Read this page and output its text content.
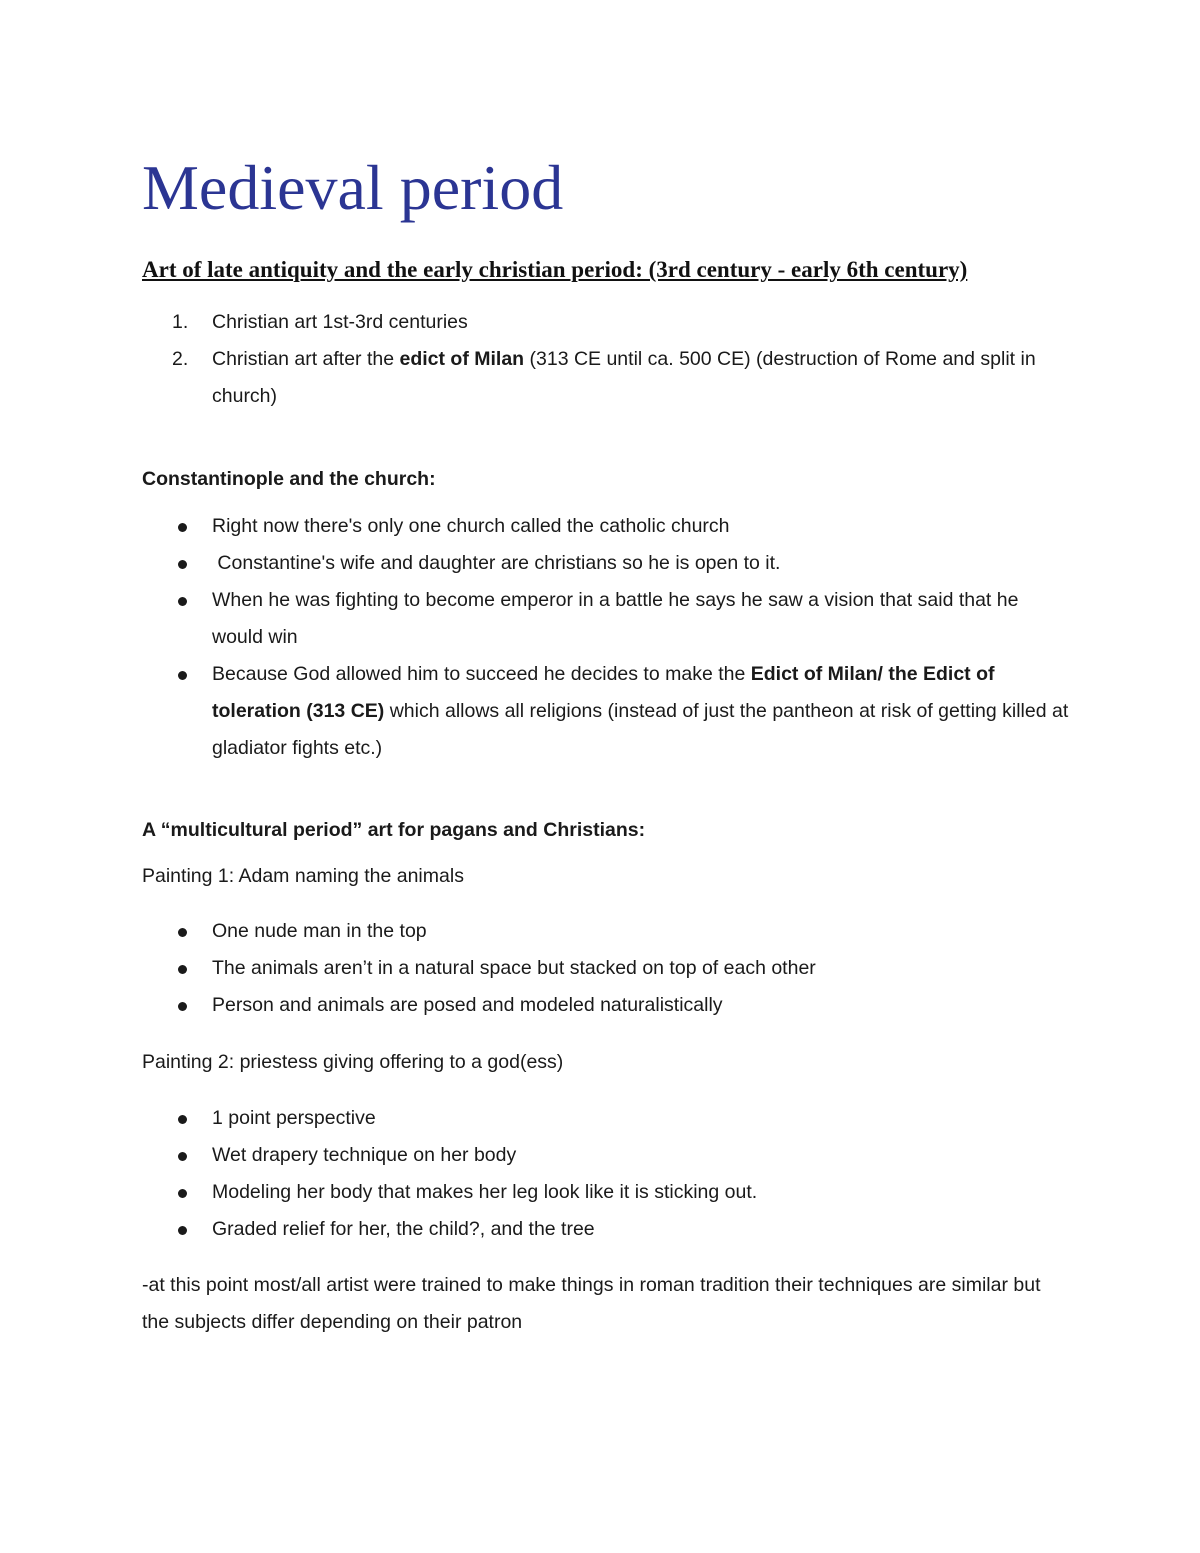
Medieval period
Art of late antiquity and the early christian period: (3rd century - early 6th century)
1. Christian art 1st-3rd centuries
2. Christian art after the edict of Milan (313 CE until ca. 500 CE) (destruction of Rome and split in church)

Constantinople and the church:

Right now there's only one church called the catholic church
Constantine's wife and daughter are christians so he is open to it.
When he was fighting to become emperor in a battle he says he saw a vision that said that he would win
Because God allowed him to succeed he decides to make the Edict of Milan/ the Edict of toleration (313 CE) which allows all religions (instead of just the pantheon at risk of getting killed at gladiator fights etc.)

A “multicultural period” art for pagans and Christians:

Painting 1: Adam naming the animals

One nude man in the top
The animals aren’t in a natural space but stacked on top of each other
Person and animals are posed and modeled naturalistically

Painting 2: priestess giving offering to a god(ess)

1 point perspective
Wet drapery technique on her body
Modeling her body that makes her leg look like it is sticking out.
Graded relief for her, the child?, and the tree

-at this point most/all artist were trained to make things in roman tradition their techniques are similar but the subjects differ depending on their patron
